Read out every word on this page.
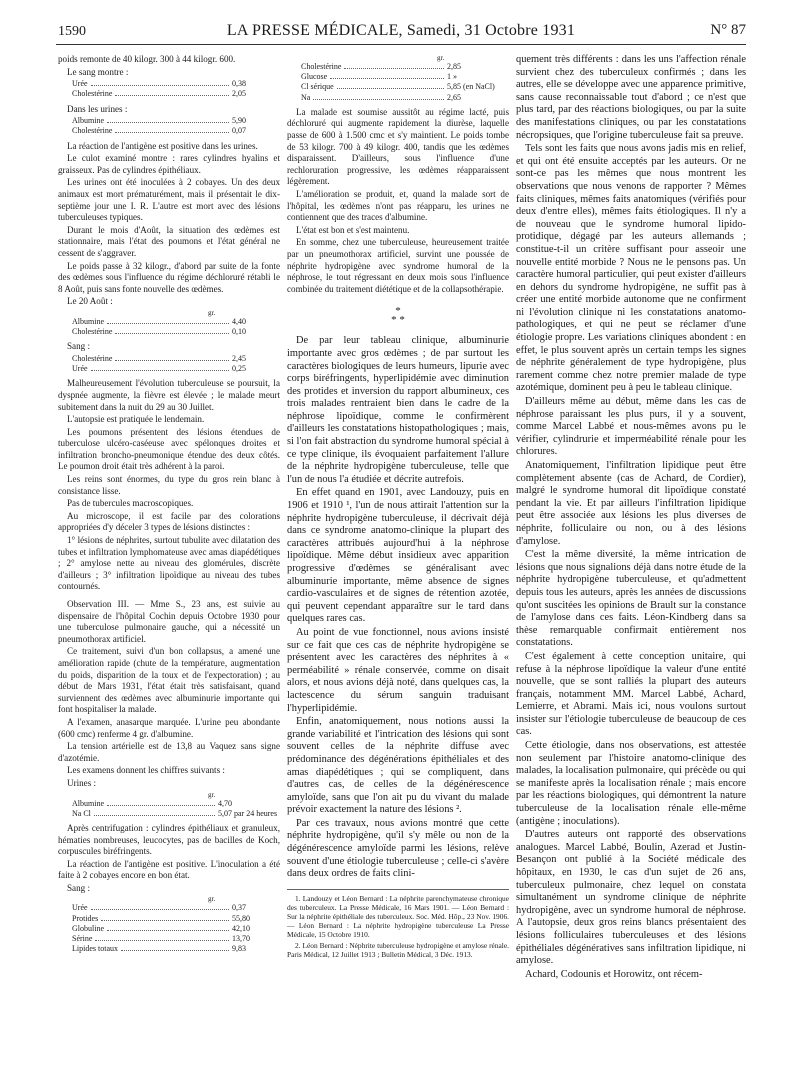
1590	LA PRESSE MÉDICALE, Samedi, 31 Octobre 1931	N° 87

poids remonte de 40 kilogr. 300 à 44 kilogr. 600.

Le sang montre :

Urée	0,38
Cholestérine	2,05

Dans les urines :

Albumine	5,90
Cholestérine	0,07

La réaction de l'antigène est positive dans les urines.

Le culot examiné montre : rares cylindres hyalins et graisseux. Pas de cylindres épithéliaux.

Les urines ont été inoculées à 2 cobayes. Un des deux animaux est mort prématurément, mais il présentait le dix-septième jour une I. R. L'autre est mort avec des lésions tuberculeuses typiques.

Durant le mois d'Août, la situation des œdèmes est stationnaire, mais l'état des poumons et l'état général ne cessent de s'aggraver.

Le poids passe à 32 kilogr., d'abord par suite de la fonte des œdèmes sous l'influence du régime déchloruré rétabli le 8 Août, puis sans fonte nouvelle des œdèmes.

Le 20 Août :

gr.
Albumine	4,40
Cholestérine	0,10

Sang :

Cholestérine	2,45
Urée	0,25

Malheureusement l'évolution tuberculeuse se poursuit, la dyspnée augmente, la fièvre est élevée ; le malade meurt subitement dans la nuit du 29 au 30 Juillet.

L'autopsie est pratiquée le lendemain.

Les poumons présentent des lésions étendues de tuberculose ulcéro-caséeuse avec spélonques droites et infiltration broncho-pneumonique étendue des deux côtés. Le poumon droit était très adhérent à la paroi.

Les reins sont énormes, du type du gros rein blanc à consistance lisse.

Pas de tubercules macroscopiques.

Au microscope, il est facile par des colorations appropriées d'y déceler 3 types de lésions distinctes :

1° lésions de néphrites, surtout tubulite avec dilatation des tubes et infiltration lymphomateuse avec amas diapédétiques ; 2° amylose nette au niveau des glomérules, discrète d'ailleurs ; 3° infiltration lipoïdique au niveau des tubes contournés.

Observation III. — Mme S., 23 ans, est suivie au dispensaire de l'hôpital Cochin depuis Octobre 1930 pour une tuberculose pulmonaire gauche, qui a nécessité un pneumothorax artificiel.

Ce traitement, suivi d'un bon collapsus, a amené une amélioration rapide (chute de la température, augmentation du poids, disparition de la toux et de l'expectoration) ; au début de Mars 1931, l'état était très satisfaisant, quand surviennent des œdèmes avec albuminurie importante qui font hospitaliser la malade.

A l'examen, anasarque marquée. L'urine peu abondante (600 cmc) renferme 4 gr. d'albumine.

La tension artérielle est de 13,8 au Vaquez sans signe d'azotémie.

Les examens donnent les chiffres suivants :

Urines :

gr.
Albumine	4,70
Na Cl	5,07 par 24 heures

Après centrifugation : cylindres épithéliaux et granuleux, hématies nombreuses, leucocytes, pas de bacilles de Koch, corpuscules biréfringents.

La réaction de l'antigène est positive. L'inoculation a été faite à 2 cobayes encore en bon état.

Sang :

gr.
Urée	0,37
Protides	55,80
Globuline	42,10
Sérine	13,70
Lipides totaux	9,83
gr.
Cholestérine	2,85
Glucose	1 »
Cl sérique	5,85 (en NaCl)
Na	2,65

La malade est soumise aussitôt au régime lacté, puis déchloruré qui augmente rapidement la diurèse, laquelle passe de 600 à 1.500 cmc et s'y maintient. Le poids tombe de 53 kilogr. 700 à 49 kilogr. 400, tandis que les œdèmes disparaissent. D'ailleurs, sous l'influence d'une rechloruration progressive, les œdèmes réapparaissent légèrement.

L'amélioration se produit, et, quand la malade sort de l'hôpital, les œdèmes n'ont pas réapparu, les urines ne contiennent que des traces d'albumine.

L'état est bon et s'est maintenu.

En somme, chez une tuberculeuse, heureusement traitée par un pneumothorax artificiel, survint une poussée de néphrite hydropigène avec syndrome humoral de la néphrose, le tout régressant en deux mois sous l'influence combinée du traitement diététique et de la collapsothérapie.

*
* *

De par leur tableau clinique, albuminurie importante avec gros œdèmes ; de par surtout les caractères biologiques de leurs humeurs, lipurie avec corps biréfringents, hyperlipidémie avec diminution des protides et inversion du rapport albumineux, ces trois malades rentraient bien dans le cadre de la néphrose lipoïdique, comme le confirmèrent d'ailleurs les constatations histopathologiques ; mais, si l'on fait abstraction du syndrome humoral spécial à ce type clinique, ils évoquaient parfaitement l'allure de la néphrite hydropigène tuberculeuse, telle que l'un de nous l'a étudiée et décrite autrefois.

En effet quand en 1901, avec Landouzy, puis en 1906 et 1910 ¹, l'un de nous attirait l'attention sur la néphrite hydropigène tuberculeuse, il décrivait déjà dans ce syndrome anatomo-clinique la plupart des caractères attribués aujourd'hui à la néphrose lipoïdique. Même début insidieux avec apparition progressive d'œdèmes se généralisant avec albuminurie importante, même absence de signes cardio-vasculaires et de signes de rétention azotée, qui peuvent cependant apparaître sur le tard dans quelques rares cas.

Au point de vue fonctionnel, nous avions insisté sur ce fait que ces cas de néphrite hydropigène se présentent avec les caractères des néphrites à « perméabilité » rénale conservée, comme on disait alors, et nous avions déjà noté, dans quelques cas, la lactescence du sérum sanguin traduisant l'hyperlipidémie.

Enfin, anatomiquement, nous notions aussi la grande variabilité et l'intrication des lésions qui sont souvent celles de la néphrite diffuse avec prédominance des dégénérations épithéliales et des amas diapédétiques ; qui se compliquent, dans d'autres cas, de celles de la dégénérescence amyloïde, sans que l'on ait pu du vivant du malade prévoir exactement la nature des lésions ².

Par ces travaux, nous avions montré que cette néphrite hydropigène, qu'il s'y mêle ou non de la dégénérescence amyloïde parmi les lésions, relève souvent d'une étiologie tuberculeuse ; celle-ci s'avère dans deux ordres de faits clini-

1. Landouzy et Léon Bernard : La néphrite parenchymateuse chronique des tuberculeux. La Presse Médicale, 16 Mars 1901. — Léon Bernard : Sur la néphrite épithéliale des tuberculeux. Soc. Méd. Hôp., 23 Nov. 1906. — Léon Bernard : La néphrite hydropigène tuberculeuse La Presse Médicale, 15 Octobre 1910.

2. Léon Bernard : Néphrite tuberculeuse hydropigène et amylose rénale. Paris Médical, 12 Juillet 1913 ; Bulletin Médical, 3 Déc. 1913.

quement très différents : dans les uns l'affection rénale survient chez des tuberculeux confirmés ; dans les autres, elle se développe avec une apparence primitive, sans cause reconnaissable tout d'abord ; ce n'est que plus tard, par des réactions biologiques, ou par la suite des manifestations cliniques, ou par les constatations nécropsiques, que l'origine tuberculeuse fait sa preuve.

Tels sont les faits que nous avons jadis mis en relief, et qui ont été ensuite acceptés par les auteurs. Or ne sont-ce pas les mêmes que nous montrent les observations que nous venons de rapporter ? Mêmes faits cliniques, mêmes faits anatomiques (vérifiés pour deux d'entre elles), mêmes faits étiologiques. Il n'y a de nouveau que le syndrome humoral lipido-protidique, dégagé par les auteurs allemands ; constitue-t-il un critère suffisant pour asseoir une nouvelle entité morbide ? Nous ne le pensons pas. Un caractère humoral particulier, qui peut exister d'ailleurs en dehors du syndrome hydropigène, ne suffit pas à créer une entité morbide autonome que ne confirment ni l'évolution clinique ni les constatations anatomo-pathologiques, et qui ne peut se réclamer d'une étiologie propre. Les variations cliniques abondent : en effet, le plus souvent après un certain temps les signes de néphrite généralement de type hydropigène, plus rarement comme chez notre premier malade de type azotémique, dominent peu à peu le tableau clinique.

D'ailleurs même au début, même dans les cas de néphrose paraissant les plus purs, il y a souvent, comme Marcel Labbé et nous-mêmes avons pu le vérifier, cylindrurie et imperméabilité rénale pour les chlorures.

Anatomiquement, l'infiltration lipidique peut être complètement absente (cas de Achard, de Cordier), malgré le syndrome humoral dit lipoïdique constaté pendant la vie. Et par ailleurs l'infiltration lipidique peut être associée aux lésions les plus diverses de néphrite, folliculaire ou non, ou à des lésions d'amylose.

C'est la même diversité, la même intrication de lésions que nous signalions déjà dans notre étude de la néphrite hydropigène tuberculeuse, et qu'admettent depuis tous les auteurs, après les années de discussions qu'ont suscitées les opinions de Brault sur la constance de l'amylose dans ces faits. Léon-Kindberg dans sa thèse remarquable confirmait entièrement nos constatations.

C'est également à cette conception unitaire, qui refuse à la néphrose lipoïdique la valeur d'une entité nouvelle, que se sont ralliés la plupart des auteurs français, notamment MM. Marcel Labbé, Achard, Lemierre, et Abrami. Mais ici, nous voulons surtout insister sur l'étiologie tuberculeuse de beaucoup de ces cas.

Cette étiologie, dans nos observations, est attestée non seulement par l'histoire anatomo-clinique des malades, la localisation pulmonaire, qui précède ou qui se manifeste après la localisation rénale ; mais encore par les réactions biologiques, qui démontrent la nature tuberculeuse de la localisation rénale elle-même (antigène ; inoculations).

D'autres auteurs ont rapporté des observations analogues. Marcel Labbé, Boulin, Azerad et Justin-Besançon ont publié à la Société médicale des hôpitaux, en 1930, le cas d'un sujet de 26 ans, tuberculeux pulmonaire, chez lequel on constata simultanément un syndrome clinique de néphrite hydropigène, avec un syndrome humoral de néphrose. A l'autopsie, deux gros reins blancs présentaient des lésions folliculaires tuberculeuses et des lésions épithéliales dégénératives sans infiltration lipidique, ni amylose.

Achard, Codounis et Horowitz, ont récem-
